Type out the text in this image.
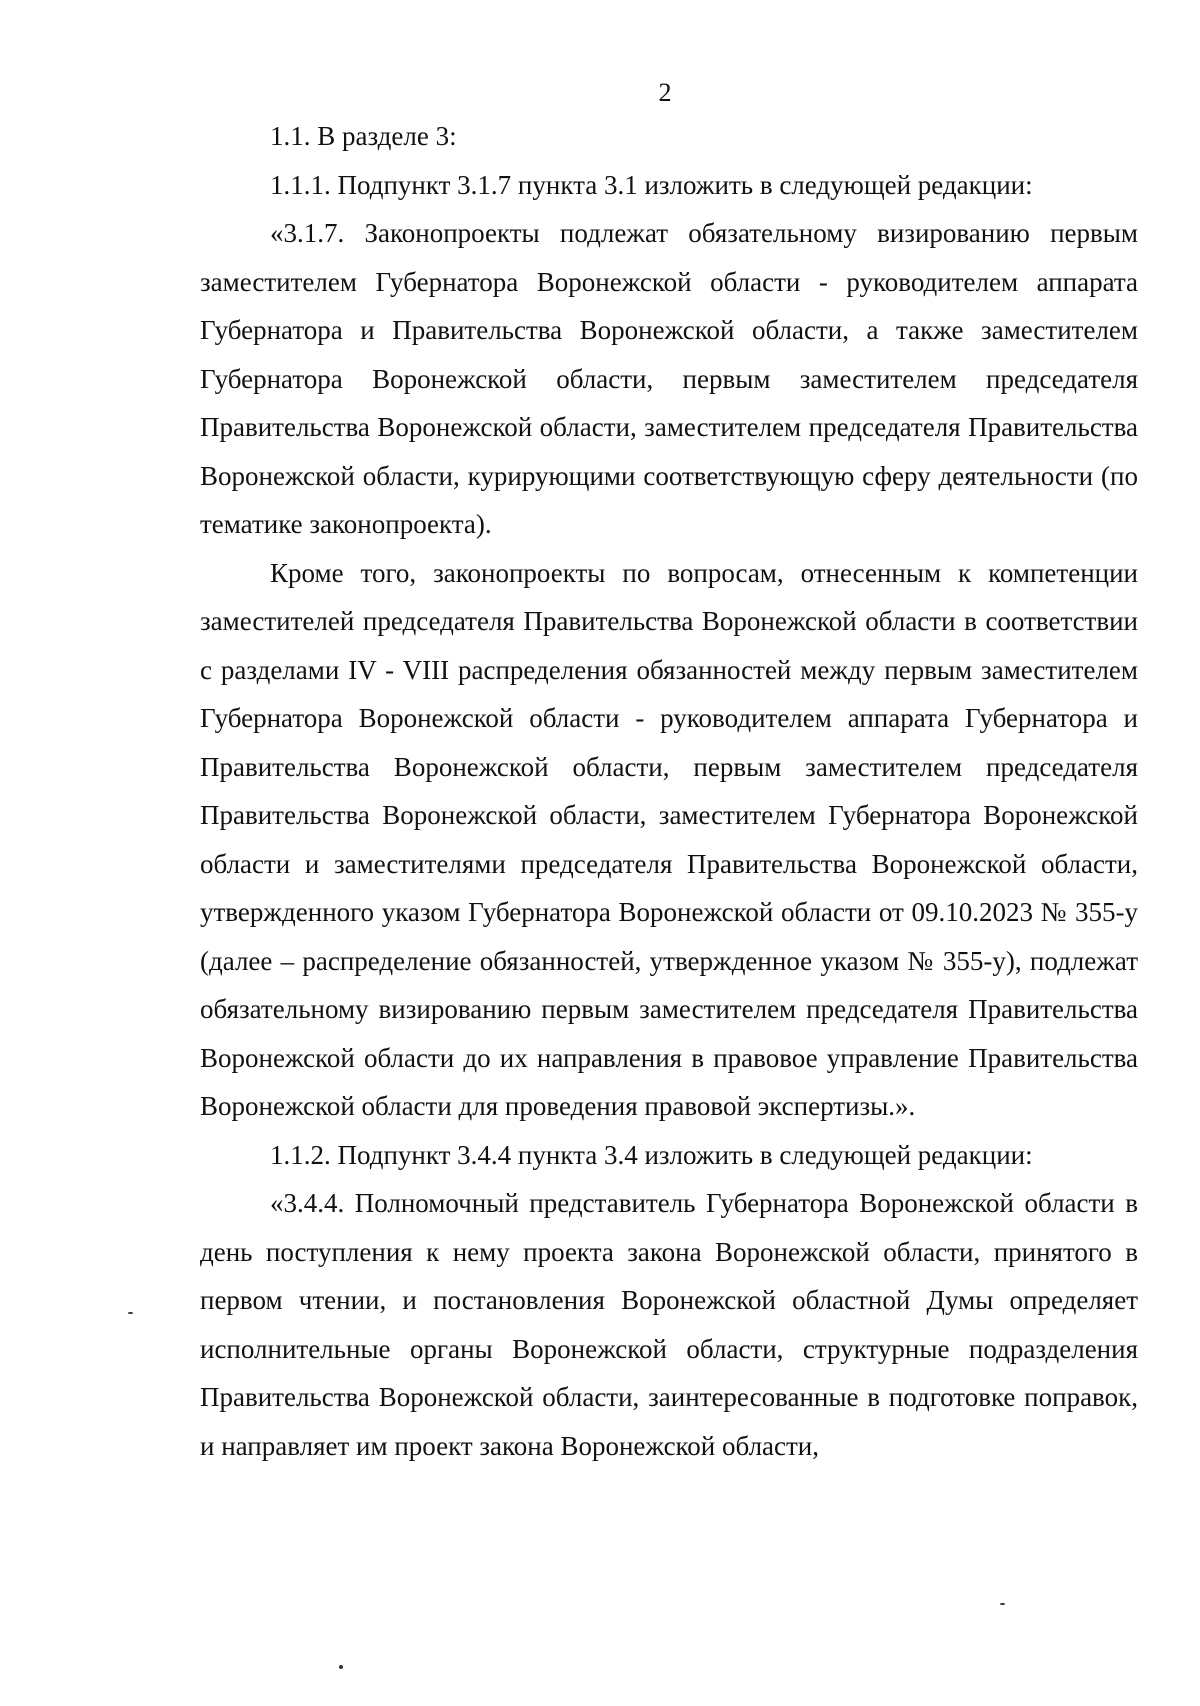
2

1.1. В разделе 3:

1.1.1. Подпункт 3.1.7 пункта 3.1 изложить в следующей редакции:

«3.1.7. Законопроекты подлежат обязательному визированию первым заместителем Губернатора Воронежской области - руководителем аппарата Губернатора и Правительства Воронежской области, а также заместителем Губернатора Воронежской области, первым заместителем председателя Правительства Воронежской области, заместителем председателя Правительства Воронежской области, курирующими соответствующую сферу деятельности (по тематике законопроекта).

Кроме того, законопроекты по вопросам, отнесенным к компетенции заместителей председателя Правительства Воронежской области в соответствии с разделами IV - VIII распределения обязанностей между первым заместителем Губернатора Воронежской области - руководителем аппарата Губернатора и Правительства Воронежской области, первым заместителем председателя Правительства Воронежской области, заместителем Губернатора Воронежской области и заместителями председателя Правительства Воронежской области, утвержденного указом Губернатора Воронежской области от 09.10.2023 № 355-у (далее – распределение обязанностей, утвержденное указом № 355-у), подлежат обязательному визированию первым заместителем председателя Правительства Воронежской области до их направления в правовое управление Правительства Воронежской области для проведения правовой экспертизы.».

1.1.2. Подпункт 3.4.4 пункта 3.4 изложить в следующей редакции:

«3.4.4. Полномочный представитель Губернатора Воронежской области в день поступления к нему проекта закона Воронежской области, принятого в первом чтении, и постановления Воронежской областной Думы определяет исполнительные органы Воронежской области, структурные подразделения Правительства Воронежской области, заинтересованные в подготовке поправок, и направляет им проект закона Воронежской области,
